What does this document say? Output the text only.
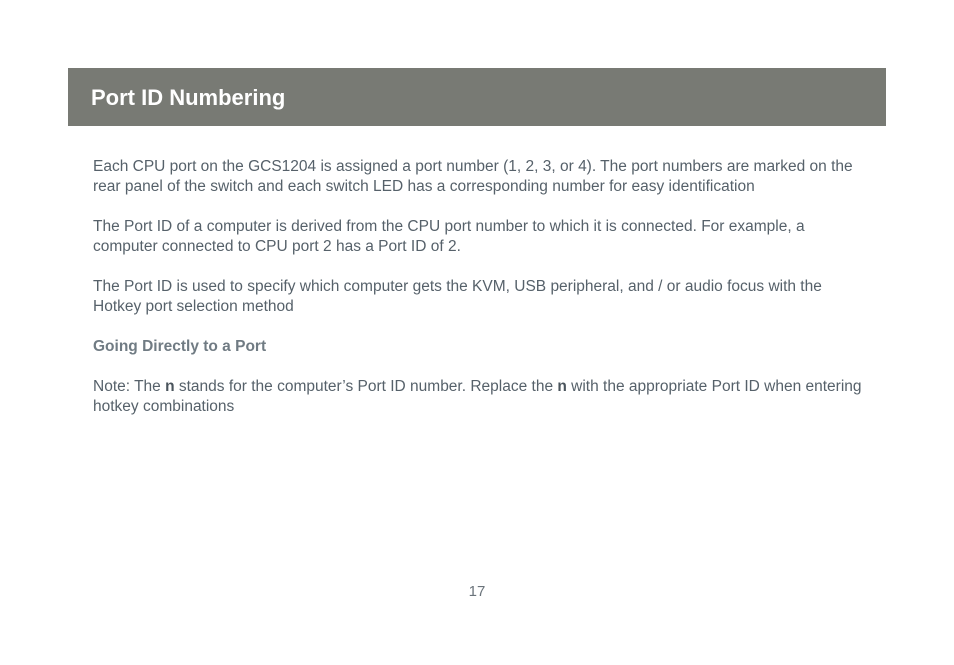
Port ID Numbering

Each CPU port on the GCS1204 is assigned a port number (1, 2, 3, or 4). The port numbers are marked on the rear panel of the switch and each switch LED has a corresponding number for easy identification

The Port ID of a computer is derived from the CPU port number to which it is connected. For example, a computer connected to CPU port 2 has a Port ID of 2.

The Port ID is used to specify which computer gets the KVM, USB peripheral, and / or audio focus with the Hotkey port selection method

Going Directly to a Port

Note: The n stands for the computer’s Port ID number. Replace the n with the appropriate Port ID when entering hotkey combinations

17
